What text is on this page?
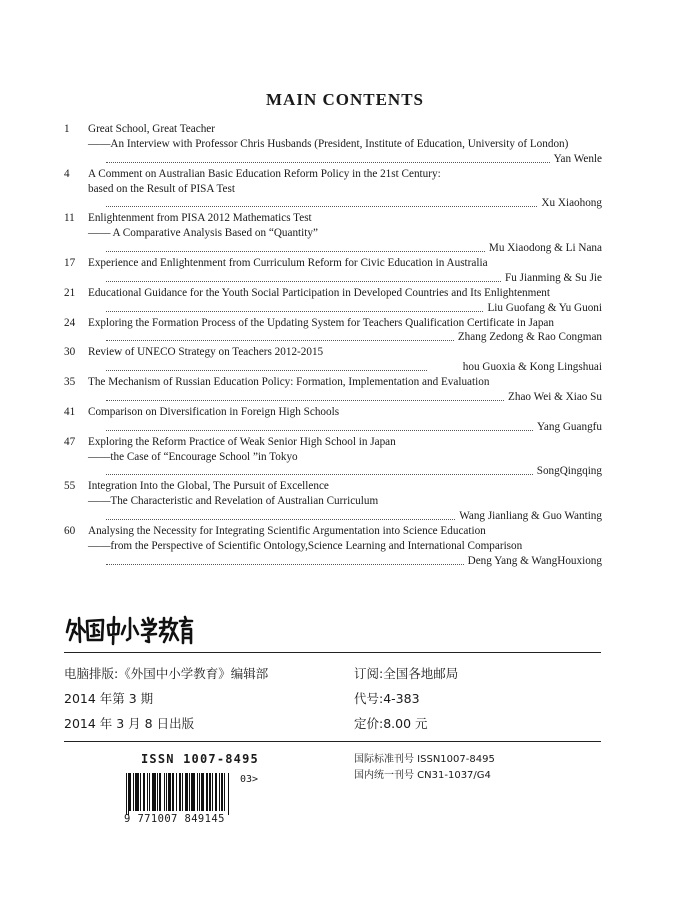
MAIN CONTENTS
1 Great School, Great Teacher
——An Interview with Professor Chris Husbands (President, Institute of Education, University of London)
Yan Wenle
4 A Comment on Australian Basic Education Reform Policy in the 21st Century:
based on the Result of PISA Test
Xu Xiaohong
11 Enlightenment from PISA 2012 Mathematics Test
—— A Comparative Analysis Based on “Quantity”
Mu Xiaodong & Li Nana
17 Experience and Enlightenment from Curriculum Reform for Civic Education in Australia
Fu Jianming & Su Jie
21 Educational Guidance for the Youth Social Participation in Developed Countries and Its Enlightenment
Liu Guofang & Yu Guoni
24 Exploring the Formation Process of the Updating System for Teachers Qualification Certificate in Japan
Zhang Zedong & Rao Congman
30 Review of UNECO Strategy on Teachers 2012-2015
hou Guoxia & Kong Lingshuai
35 The Mechanism of Russian Education Policy: Formation, Implementation and Evaluation
Zhao Wei & Xiao Su
41 Comparison on Diversification in Foreign High Schools
Yang Guangfu
47 Exploring the Reform Practice of Weak Senior High School in Japan
——the Case of “Encourage School ”in Tokyo
SongQingqing
55 Integration Into the Global, The Pursuit of Excellence
——The Characteristic and Revelation of Australian Curriculum
Wang Jianliang & Guo Wanting
60 Analysing the Necessity for Integrating Scientific Argumentation into Science Education
——from the Perspective of Scientific Ontology,Science Learning and International Comparison
Deng Yang & WangHouxiong
电脑排版:《外国中小学教育》编辑部
2014 年第 3 期
2014 年 3 月 8 日出版
订阅:全国各地邮局
代号:4-383
定价:8.00 元
ISSN 1007-8495
9 771007 849145
03>
国际标准刊号 ISSN1007-8495
国内统一刊号 CN31-1037/G4
